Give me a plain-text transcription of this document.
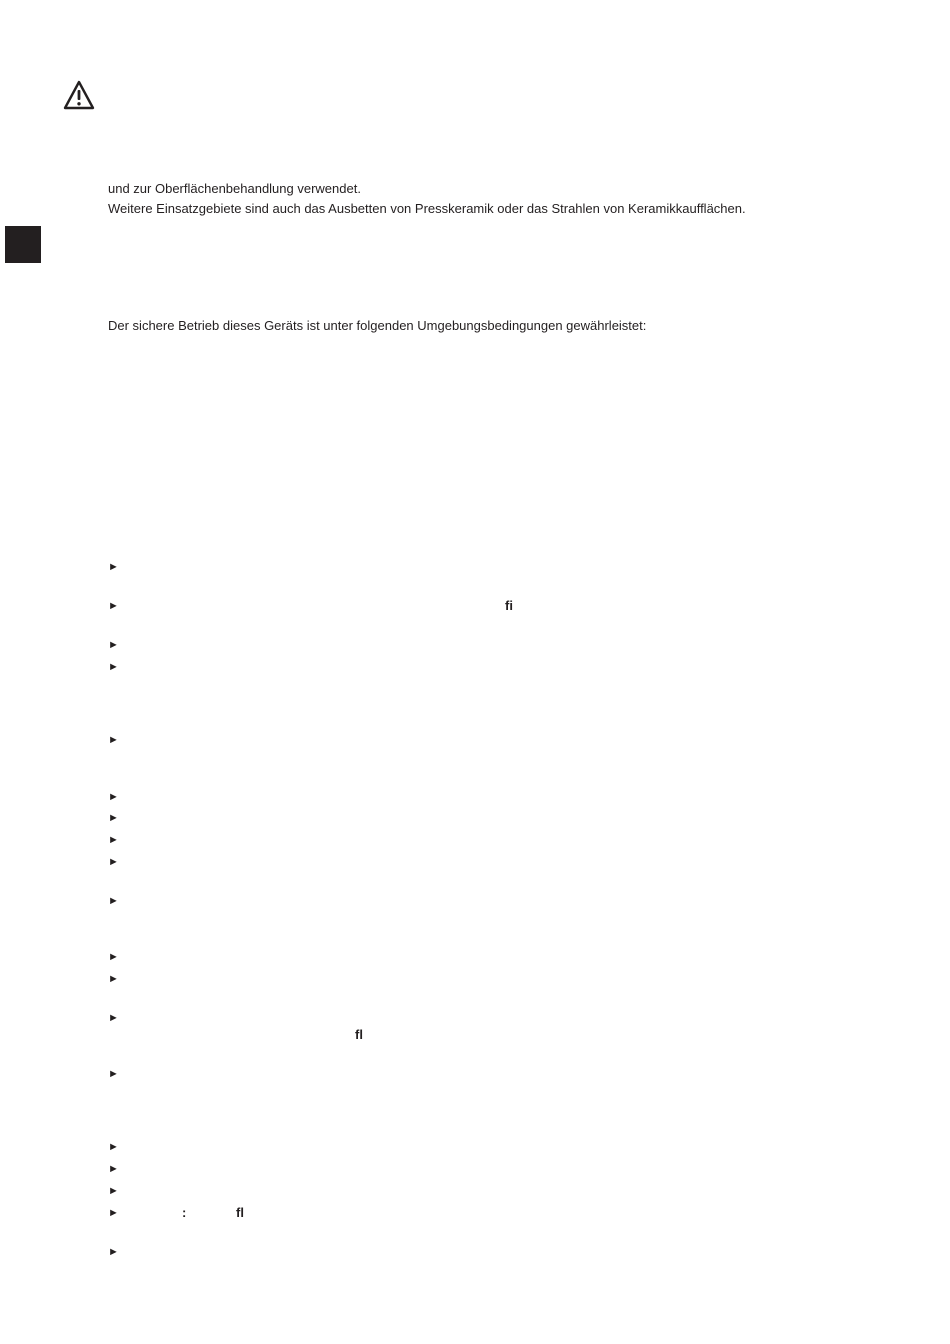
und zur Oberflächenbehandlung verwendet.

Weitere Einsatzgebiete sind auch das Ausbetten von Presskeramik oder das Strahlen von Keramikkaufflächen.

Der sichere Betrieb dieses Geräts ist unter folgenden Umgebungsbedingungen gewährleistet:

►
►
►
►
►
►
►
►
►
►
►
►
►
►
►
►
►
►
►
fi
fl
:	fl
